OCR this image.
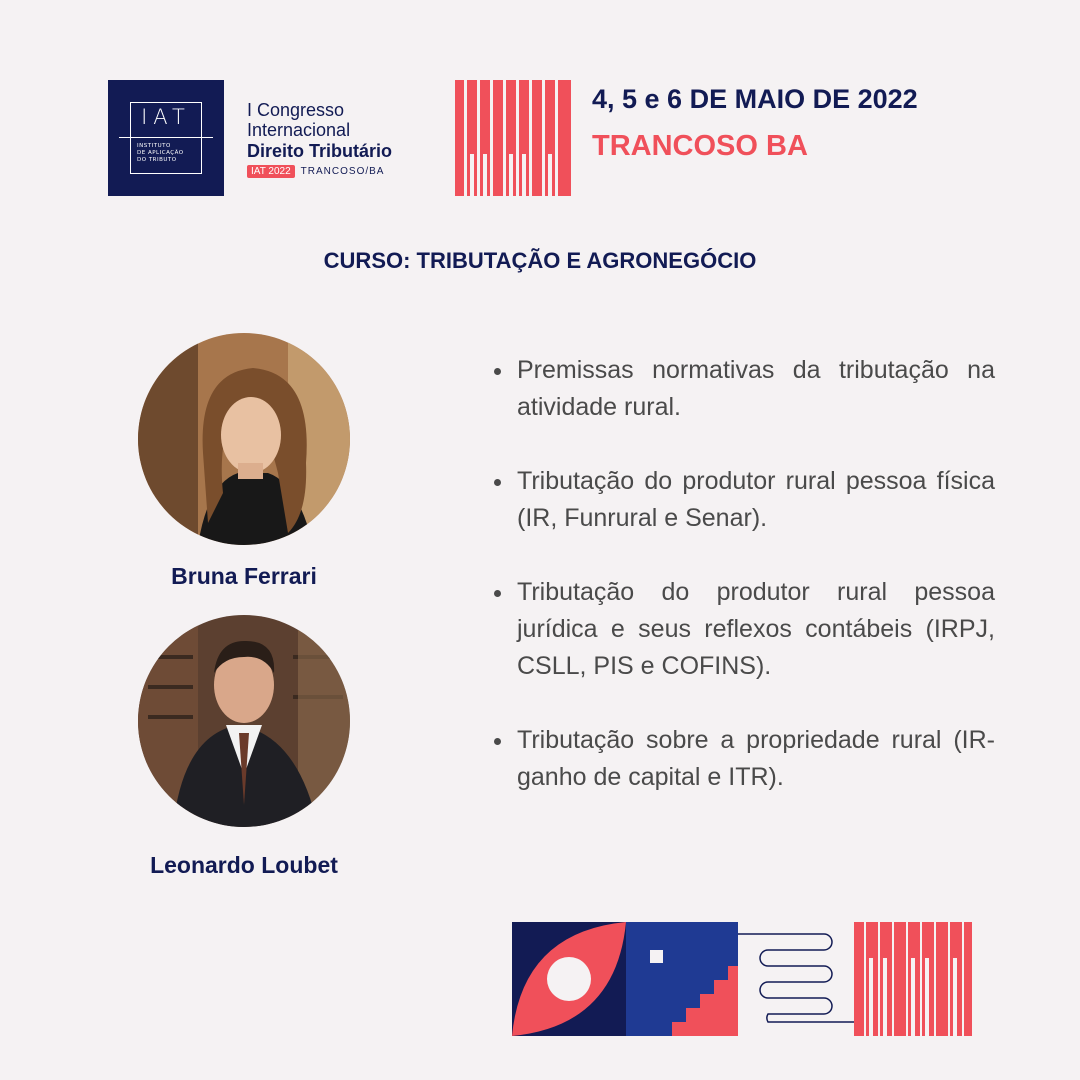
IAT
INSTITUTO
DE APLICAÇÃO
DO TRIBUTO
I Congresso
Internacional
Direito Tributário
IAT 2022	TRANCOSO/BA
4, 5 e 6 DE MAIO DE 2022
TRANCOSO BA
CURSO: TRIBUTAÇÃO E AGRONEGÓCIO
Bruna Ferrari
Leonardo Loubet
Premissas normativas da tributação na atividade rural.
Tributação do produtor rural pessoa física (IR, Funrural e Senar).
Tributação do produtor rural pessoa jurídica e seus reflexos contábeis (IRPJ, CSLL, PIS e COFINS).
Tributação sobre a propriedade rural (IR-ganho de capital e ITR).
